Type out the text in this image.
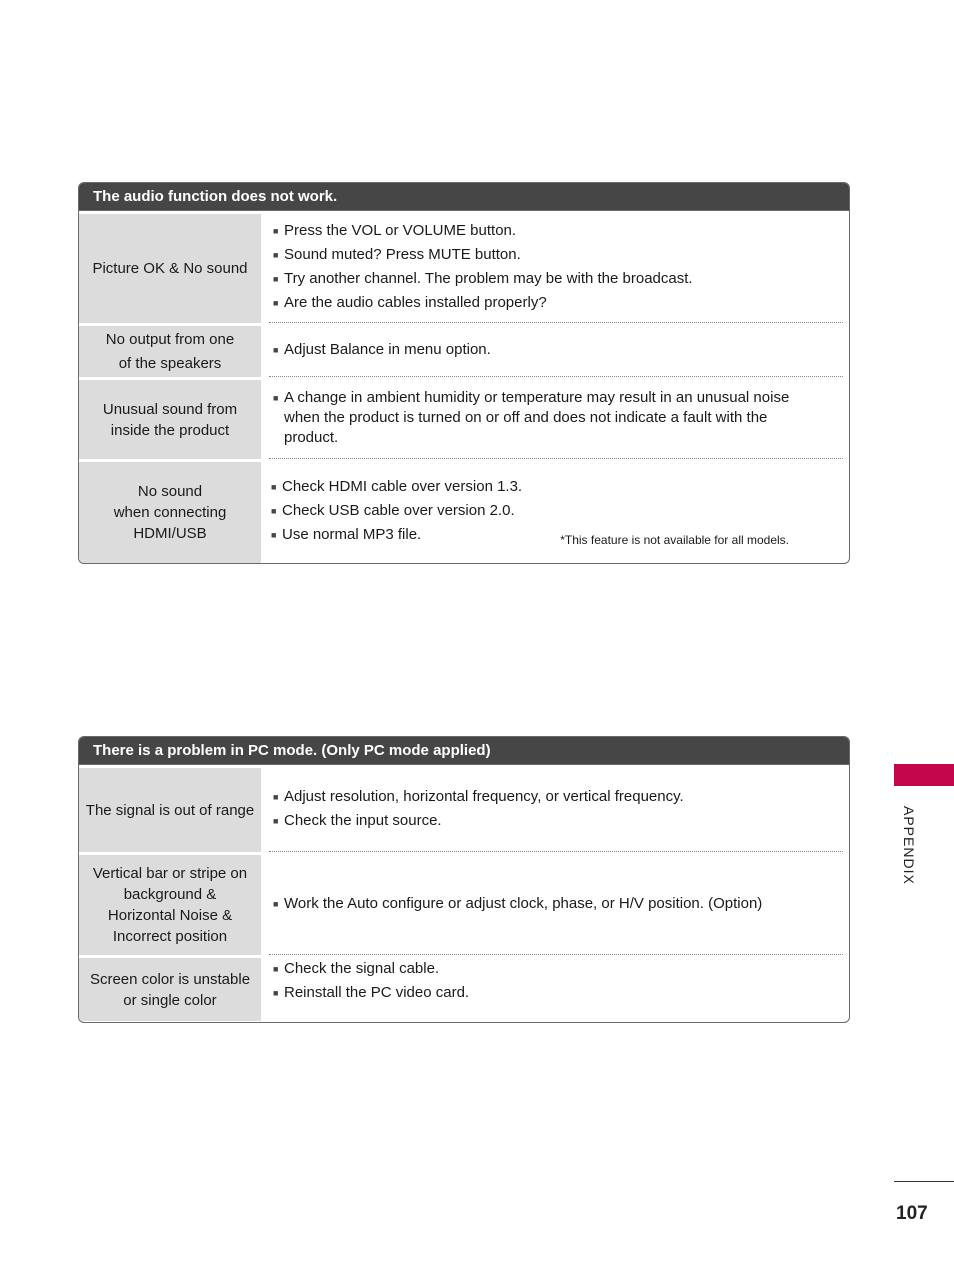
The audio function does not work.
Picture OK & No sound
■ Press the VOL or VOLUME button.
■ Sound muted? Press MUTE button.
■ Try another channel. The problem may be with the broadcast.
■ Are the audio cables installed properly?
No output from one
of the speakers
■ Adjust Balance in menu option.
Unusual sound from
inside the product
■ A change in ambient humidity or temperature may result in an unusual noise when the product is turned on or off and does not indicate a fault with the product.
No sound
when connecting
HDMI/USB
■ Check HDMI cable over version 1.3.
■ Check USB cable over version 2.0.
■ Use normal MP3 file.	*This feature is not available for all models.
There is a problem in PC mode. (Only PC mode applied)
The signal is out of range
■ Adjust resolution, horizontal frequency, or vertical frequency.
■ Check the input source.
Vertical bar or stripe on
background &
Horizontal Noise &
Incorrect position
■ Work the Auto configure or adjust clock, phase, or H/V position. (Option)
Screen color is unstable
or single color
■ Check the signal cable.
■ Reinstall the PC video card.
APPENDIX
107
